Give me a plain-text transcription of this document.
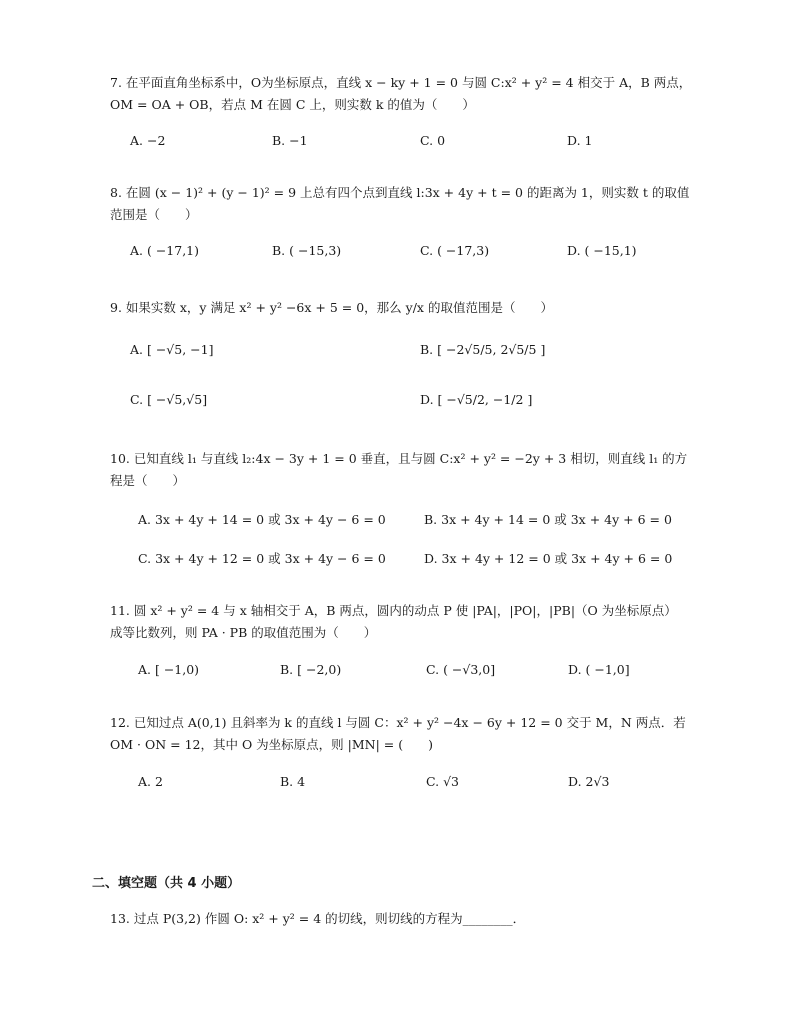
7. 在平面直角坐标系中，O为坐标原点，直线 x − ky + 1 = 0 与圆 C:x² + y² = 4 相交于 A，B 两点，
OM = OA + OB，若点 M 在圆 C 上，则实数 k 的值为（　　）
A. −2	B. −1	C. 0	D. 1
8. 在圆 (x − 1)² + (y − 1)² = 9 上总有四个点到直线 l:3x + 4y + t = 0 的距离为 1，则实数 t 的取值
范围是（　　）
A. ( −17,1)	B. ( −15,3)	C. ( −17,3)	D. ( −15,1)
9. 如果实数 x，y 满足 x² + y² −6x + 5 = 0，那么 y/x 的取值范围是（　　）
A. [ −√5, −1]	B. [ −2√5/5, 2√5/5 ]
C. [ −√5,√5]	D. [ −√5/2, −1/2 ]
10. 已知直线 l₁ 与直线 l₂:4x − 3y + 1 = 0 垂直，且与圆 C:x² + y² = −2y + 3 相切，则直线 l₁ 的方
程是（　　）
A. 3x + 4y + 14 = 0 或 3x + 4y − 6 = 0	B. 3x + 4y + 14 = 0 或 3x + 4y + 6 = 0
C. 3x + 4y + 12 = 0 或 3x + 4y − 6 = 0	D. 3x + 4y + 12 = 0 或 3x + 4y + 6 = 0
11. 圆 x² + y² = 4 与 x 轴相交于 A，B 两点，圆内的动点 P 使 |PA|，|PO|，|PB|（O 为坐标原点）
成等比数列，则 PA · PB 的取值范围为（　　）
A. [ −1,0)	B. [ −2,0)	C. ( −√3,0]	D. ( −1,0]
12. 已知过点 A(0,1) 且斜率为 k 的直线 l 与圆 C：x² + y² −4x − 6y + 12 = 0 交于 M，N 两点．若
OM · ON = 12，其中 O 为坐标原点，则 |MN| = (　　)
A. 2	B. 4	C. √3	D. 2√3
二、填空题（共 4 小题）
13. 过点 P(3,2) 作圆 O: x² + y² = 4 的切线，则切线的方程为________．
